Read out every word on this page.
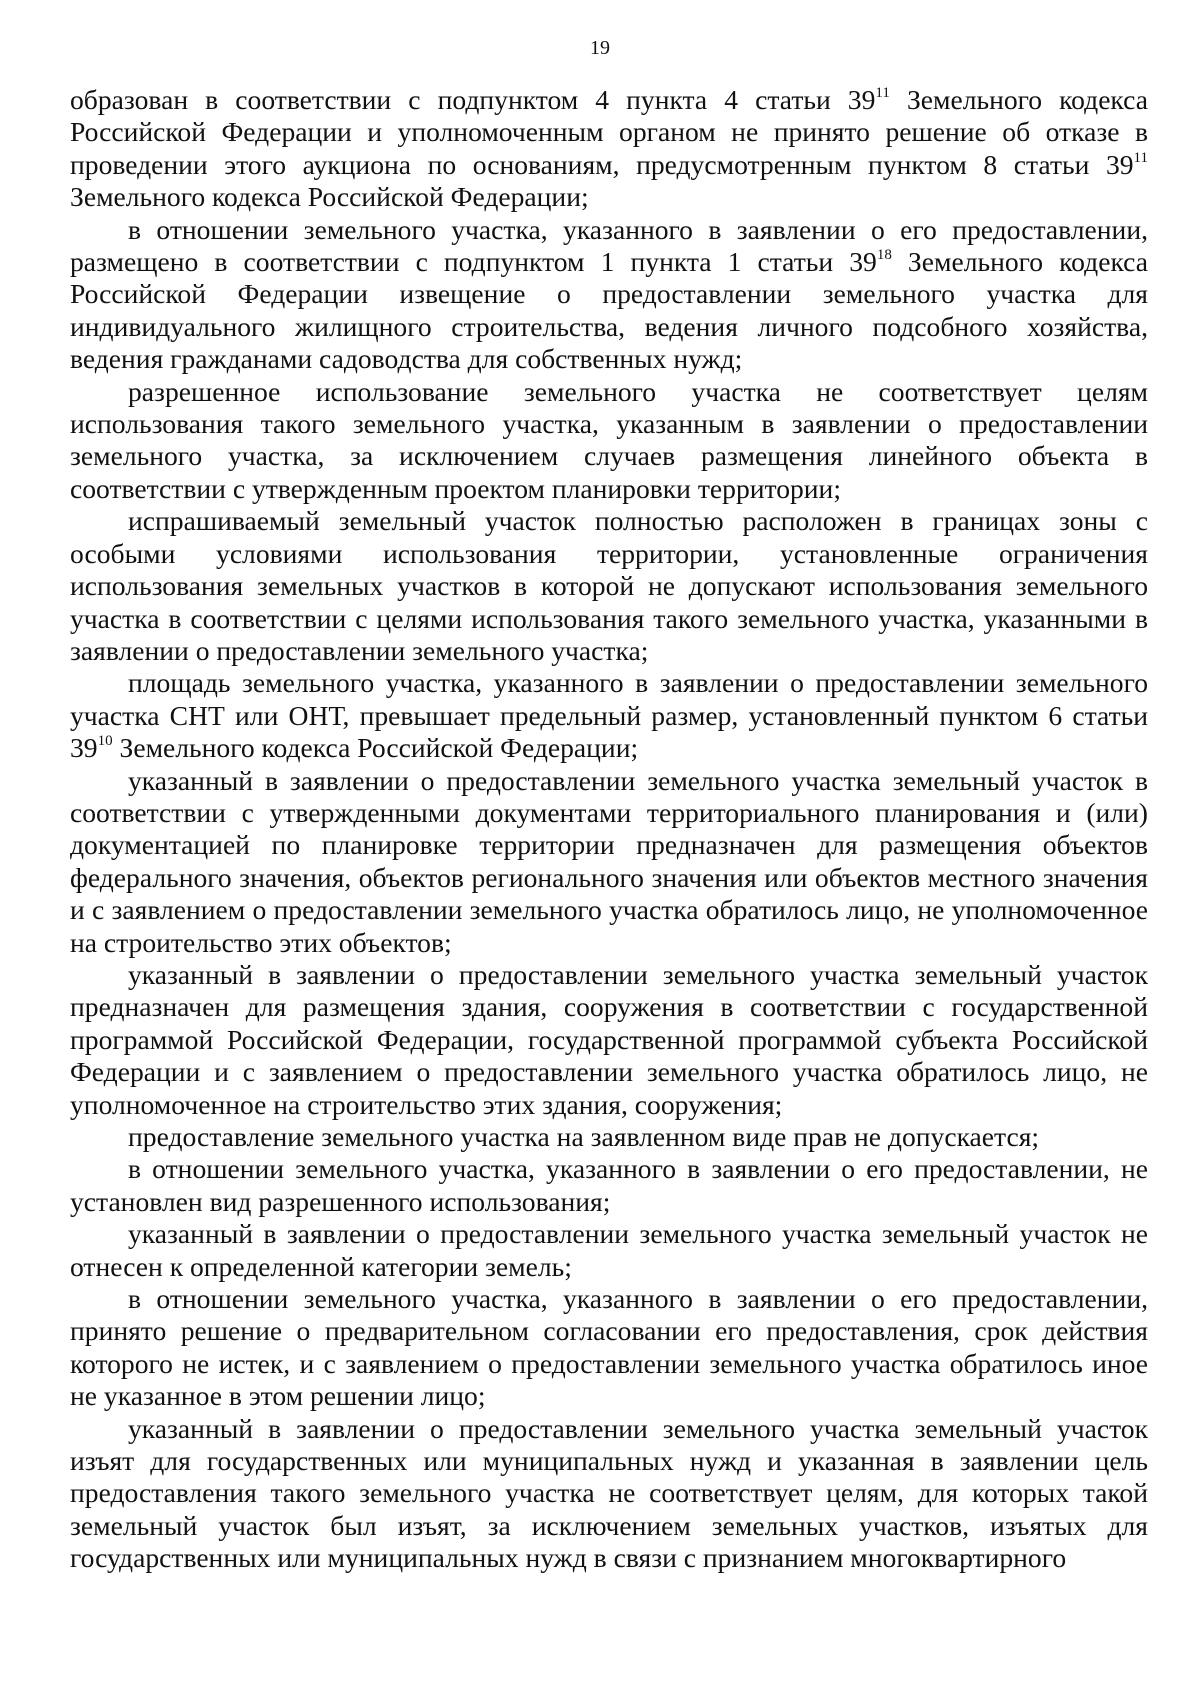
19

образован в соответствии с подпунктом 4 пункта 4 статьи $39^{11}$ Земельного кодекса Российской Федерации и уполномоченным органом не принято решение об отказе в проведении этого аукциона по основаниям, предусмотренным пунктом 8 статьи $39^{11}$ Земельного кодекса Российской Федерации;

в отношении земельного участка, указанного в заявлении о его предоставлении, размещено в соответствии с подпунктом 1 пункта 1 статьи $39^{18}$ Земельного кодекса Российской Федерации извещение о предоставлении земельного участка для индивидуального жилищного строительства, ведения личного подсобного хозяйства, ведения гражданами садоводства для собственных нужд;

разрешенное использование земельного участка не соответствует целям использования такого земельного участка, указанным в заявлении о предоставлении земельного участка, за исключением случаев размещения линейного объекта в соответствии с утвержденным проектом планировки территории;

испрашиваемый земельный участок полностью расположен в границах зоны с особыми условиями использования территории, установленные ограничения использования земельных участков в которой не допускают использования земельного участка в соответствии с целями использования такого земельного участка, указанными в заявлении о предоставлении земельного участка;

площадь земельного участка, указанного в заявлении о предоставлении земельного участка СНТ или ОНТ, превышает предельный размер, установленный пунктом 6 статьи $39^{10}$ Земельного кодекса Российской Федерации;

указанный в заявлении о предоставлении земельного участка земельный участок в соответствии с утвержденными документами территориального планирования и (или) документацией по планировке территории предназначен для размещения объектов федерального значения, объектов регионального значения или объектов местного значения и с заявлением о предоставлении земельного участка обратилось лицо, не уполномоченное на строительство этих объектов;

указанный в заявлении о предоставлении земельного участка земельный участок предназначен для размещения здания, сооружения в соответствии с государственной программой Российской Федерации, государственной программой субъекта Российской Федерации и с заявлением о предоставлении земельного участка обратилось лицо, не уполномоченное на строительство этих здания, сооружения;

предоставление земельного участка на заявленном виде прав не допускается;

в отношении земельного участка, указанного в заявлении о его предоставлении, не установлен вид разрешенного использования;

указанный в заявлении о предоставлении земельного участка земельный участок не отнесен к определенной категории земель;

в отношении земельного участка, указанного в заявлении о его предоставлении, принято решение о предварительном согласовании его предоставления, срок действия которого не истек, и с заявлением о предоставлении земельного участка обратилось иное не указанное в этом решении лицо;

указанный в заявлении о предоставлении земельного участка земельный участок изъят для государственных или муниципальных нужд и указанная в заявлении цель предоставления такого земельного участка не соответствует целям, для которых такой земельный участок был изъят, за исключением земельных участков, изъятых для государственных или муниципальных нужд в связи с признанием многоквартирного
